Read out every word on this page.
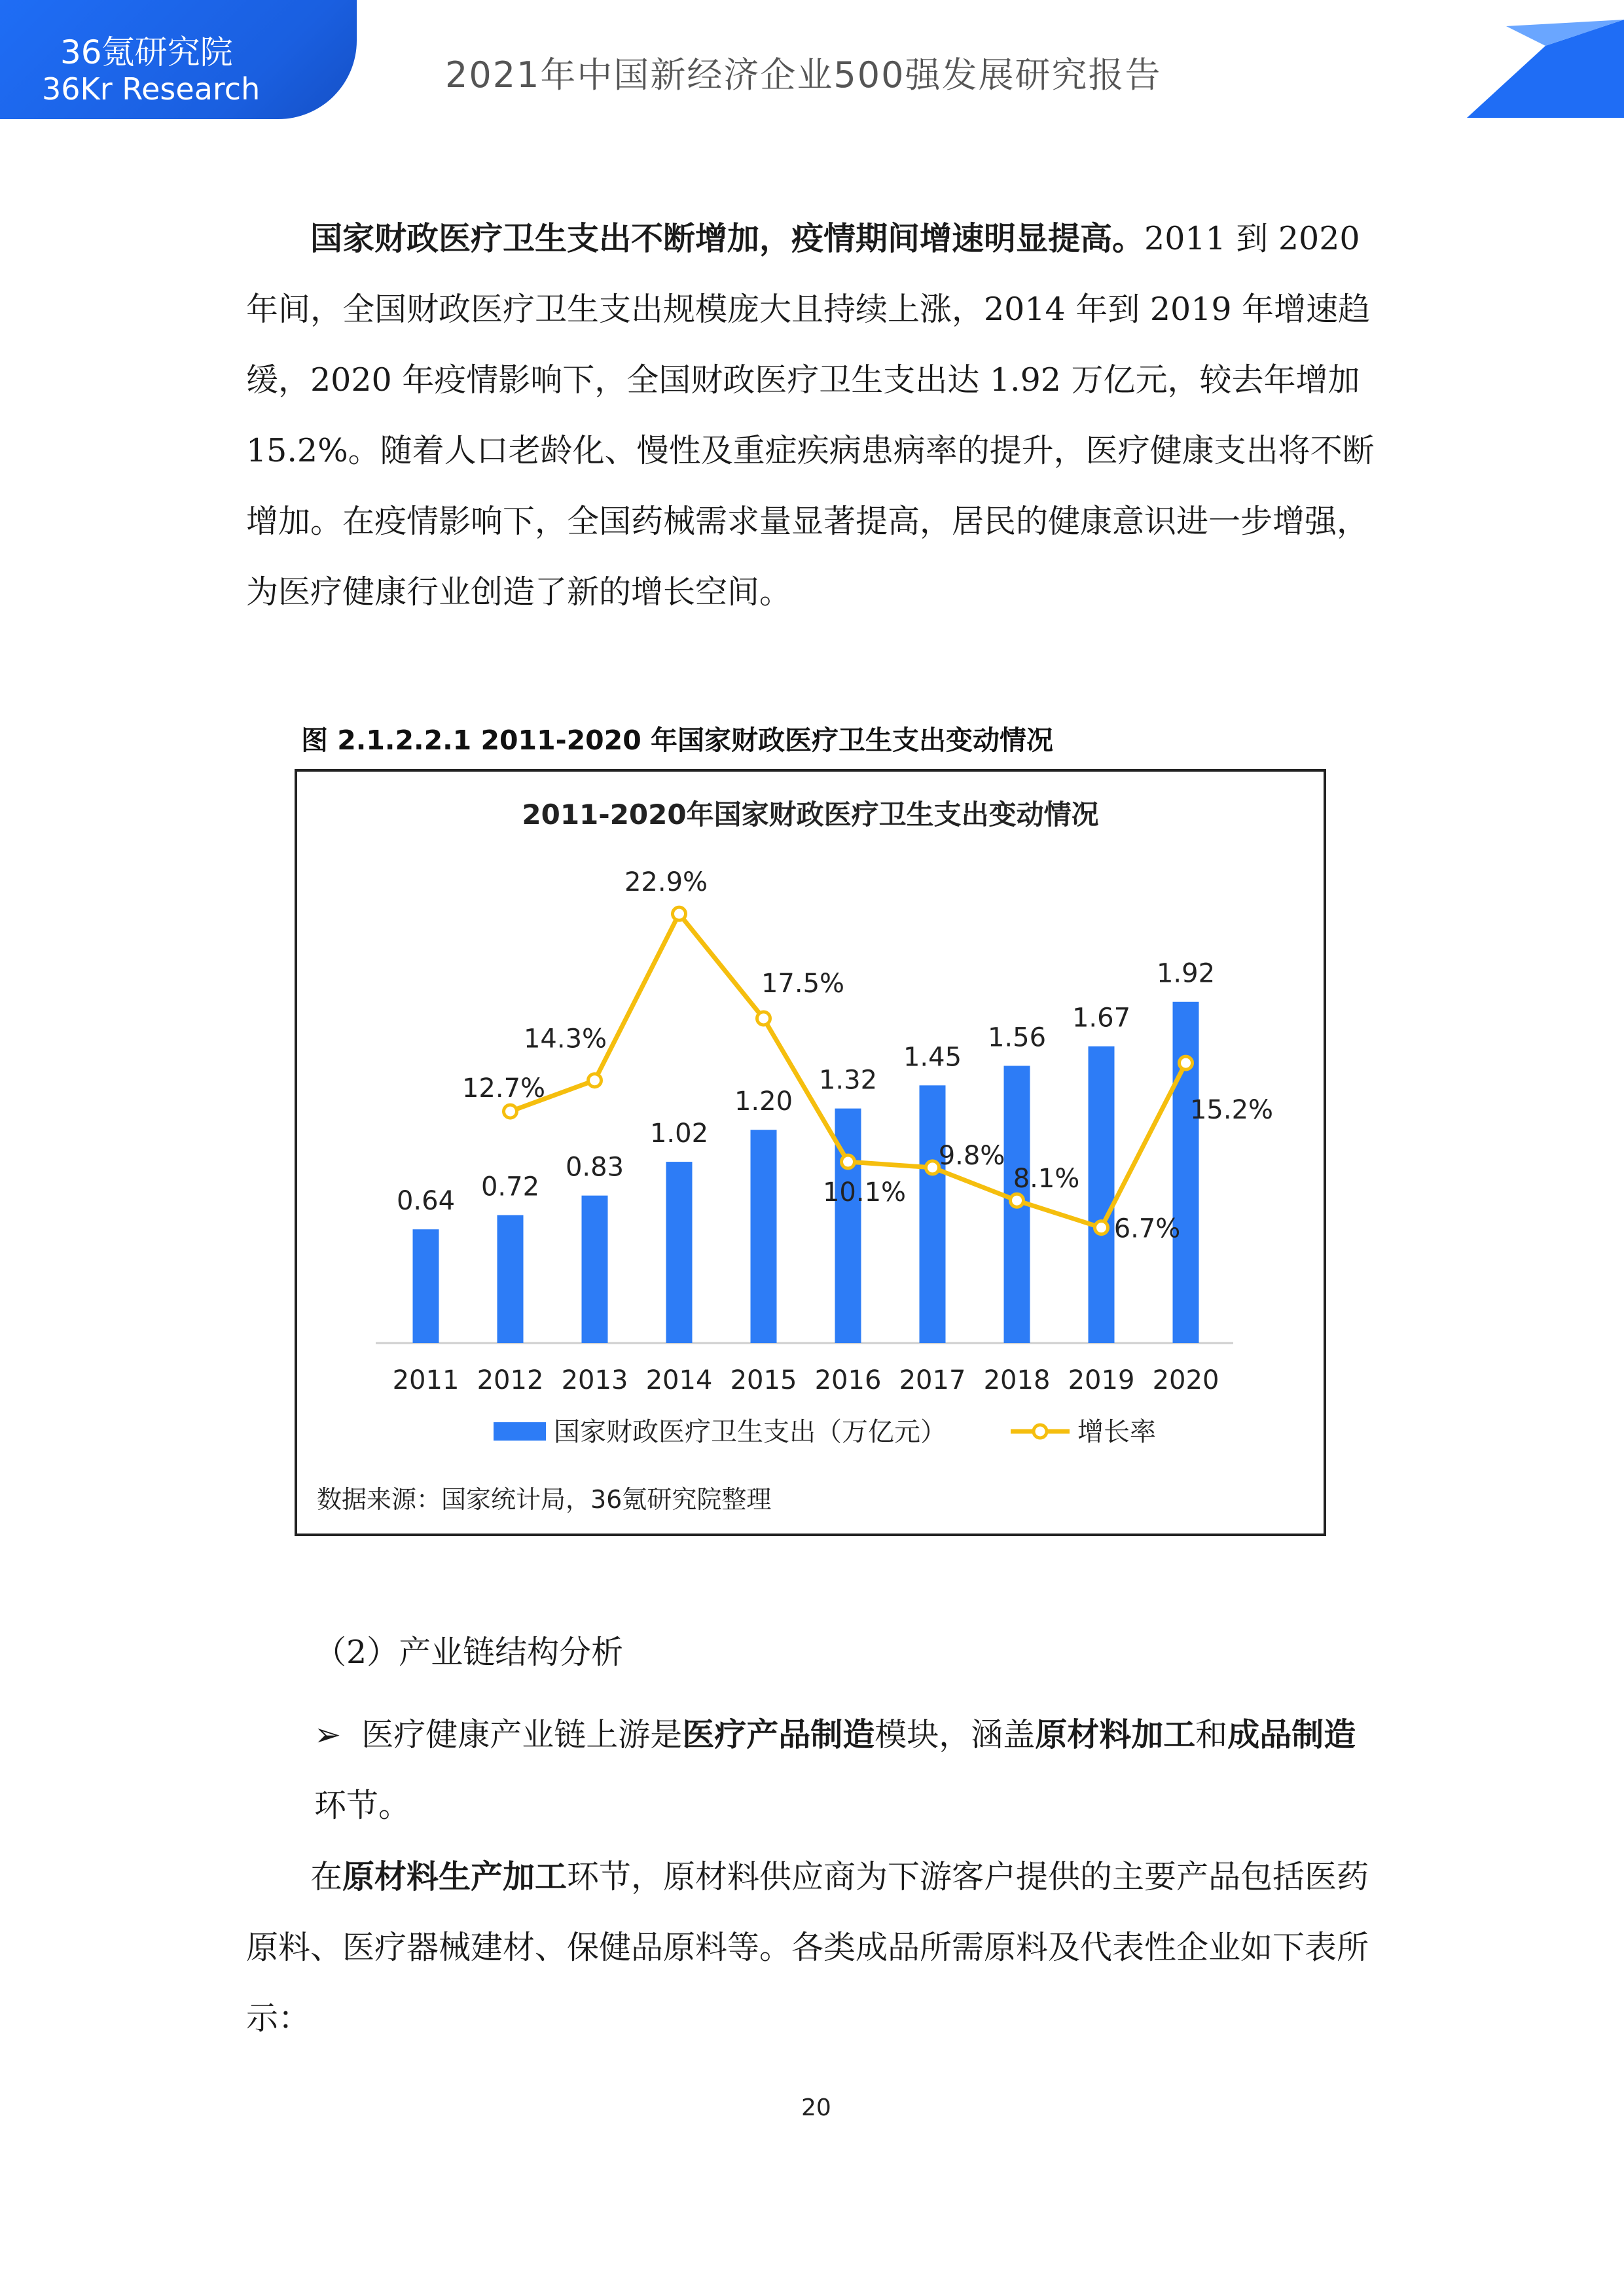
36氪研究院
36Kr Research	2021年中国新经济企业500强发展研究报告
国家财政医疗卫生支出不断增加，疫情期间增速明显提高。2011 到 2020 年间，全国财政医疗卫生支出规模庞大且持续上涨，2014 年到 2019 年增速趋缓，2020 年疫情影响下，全国财政医疗卫生支出达 1.92 万亿元，较去年增加 15.2%。随着人口老龄化、慢性及重症疾病患病率的提升，医疗健康支出将不断增加。在疫情影响下，全国药械需求量显著提高，居民的健康意识进一步增强，为医疗健康行业创造了新的增长空间。
图 2.1.2.2.1 2011-2020 年国家财政医疗卫生支出变动情况
2011-2020年国家财政医疗卫生支出变动情况
0.64
2011
0.72
2012
0.83
2013
1.02
2014
1.20
2015
1.32
2016
1.45
2017
1.56
2018
1.67
2019
1.92
2020
12.7%
14.3%
22.9%
17.5%
10.1%
9.8%
8.1%
6.7%
15.2%
国家财政医疗卫生支出（万亿元）	增长率
数据来源：国家统计局，36氪研究院整理
（2）产业链结构分析
➢ 医疗健康产业链上游是医疗产品制造模块，涵盖原材料加工和成品制造环节。
在原材料生产加工环节，原材料供应商为下游客户提供的主要产品包括医药原料、医疗器械建材、保健品原料等。各类成品所需原料及代表性企业如下表所示：
20
